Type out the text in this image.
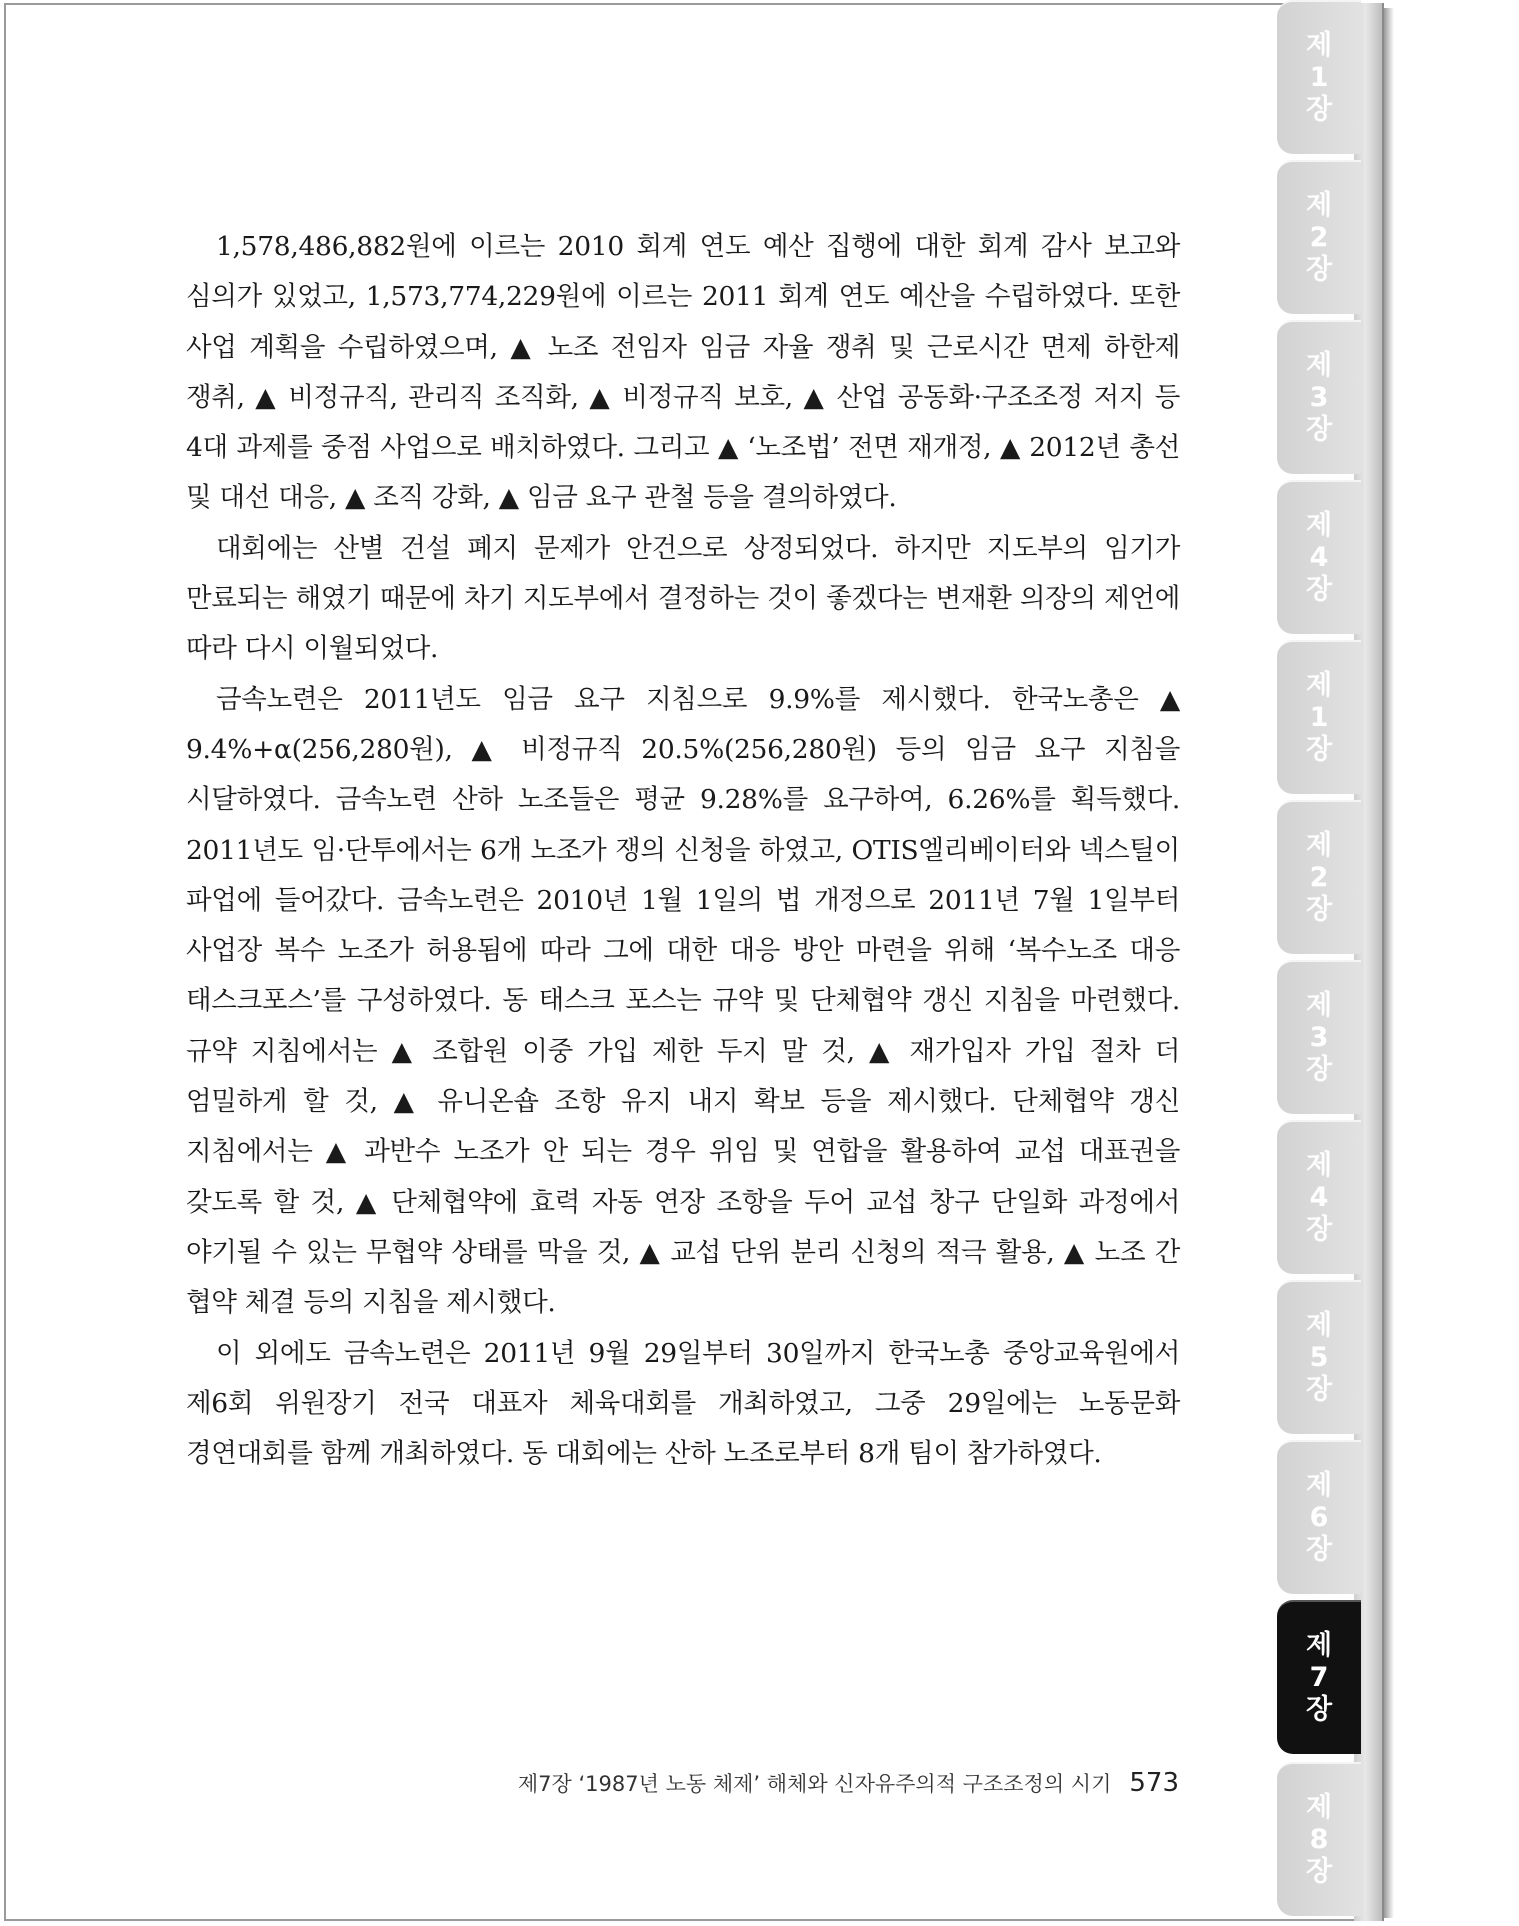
1,578,486,882원에 이르는 2010 회계 연도 예산 집행에 대한 회계 감사 보고와 심의가 있었고, 1,573,774,229원에 이르는 2011 회계 연도 예산을 수립하였다. 또한 사업 계획을 수립하였으며, ▲ 노조 전임자 임금 자율 쟁취 및 근로시간 면제 하한제 쟁취, ▲ 비정규직, 관리직 조직화, ▲ 비정규직 보호, ▲ 산업 공동화·구조조정 저지 등 4대 과제를 중점 사업으로 배치하였다. 그리고 ▲ ‘노조법’ 전면 재개정, ▲ 2012년 총선 및 대선 대응, ▲ 조직 강화, ▲ 임금 요구 관철 등을 결의하였다.

대회에는 산별 건설 폐지 문제가 안건으로 상정되었다. 하지만 지도부의 임기가 만료되는 해였기 때문에 차기 지도부에서 결정하는 것이 좋겠다는 변재환 의장의 제언에 따라 다시 이월되었다.

금속노련은 2011년도 임금 요구 지침으로 9.9%를 제시했다. 한국노총은 ▲ 9.4%+α(256,280원), ▲ 비정규직 20.5%(256,280원) 등의 임금 요구 지침을 시달하였다. 금속노련 산하 노조들은 평균 9.28%를 요구하여, 6.26%를 획득했다. 2011년도 임·단투에서는 6개 노조가 쟁의 신청을 하였고, OTIS엘리베이터와 넥스틸이 파업에 들어갔다. 금속노련은 2010년 1월 1일의 법 개정으로 2011년 7월 1일부터 사업장 복수 노조가 허용됨에 따라 그에 대한 대응 방안 마련을 위해 ‘복수노조 대응 태스크포스’를 구성하였다. 동 태스크 포스는 규약 및 단체협약 갱신 지침을 마련했다. 규약 지침에서는 ▲ 조합원 이중 가입 제한 두지 말 것, ▲ 재가입자 가입 절차 더 엄밀하게 할 것, ▲ 유니온숍 조항 유지 내지 확보 등을 제시했다. 단체협약 갱신 지침에서는 ▲ 과반수 노조가 안 되는 경우 위임 및 연합을 활용하여 교섭 대표권을 갖도록 할 것, ▲ 단체협약에 효력 자동 연장 조항을 두어 교섭 창구 단일화 과정에서 야기될 수 있는 무협약 상태를 막을 것, ▲ 교섭 단위 분리 신청의 적극 활용, ▲ 노조 간 협약 체결 등의 지침을 제시했다.

이 외에도 금속노련은 2011년 9월 29일부터 30일까지 한국노총 중앙교육원에서 제6회 위원장기 전국 대표자 체육대회를 개최하였고, 그중 29일에는 노동문화 경연대회를 함께 개최하였다. 동 대회에는 산하 노조로부터 8개 팀이 참가하였다.

제
1
장
제
2
장
제
3
장
제
4
장
제
1
장
제
2
장
제
3
장
제
4
장
제
5
장
제
6
장
제
7
장
제
8
장
제7장 ‘1987년 노동 체제’ 해체와 신자유주의적 구조조정의 시기 573
